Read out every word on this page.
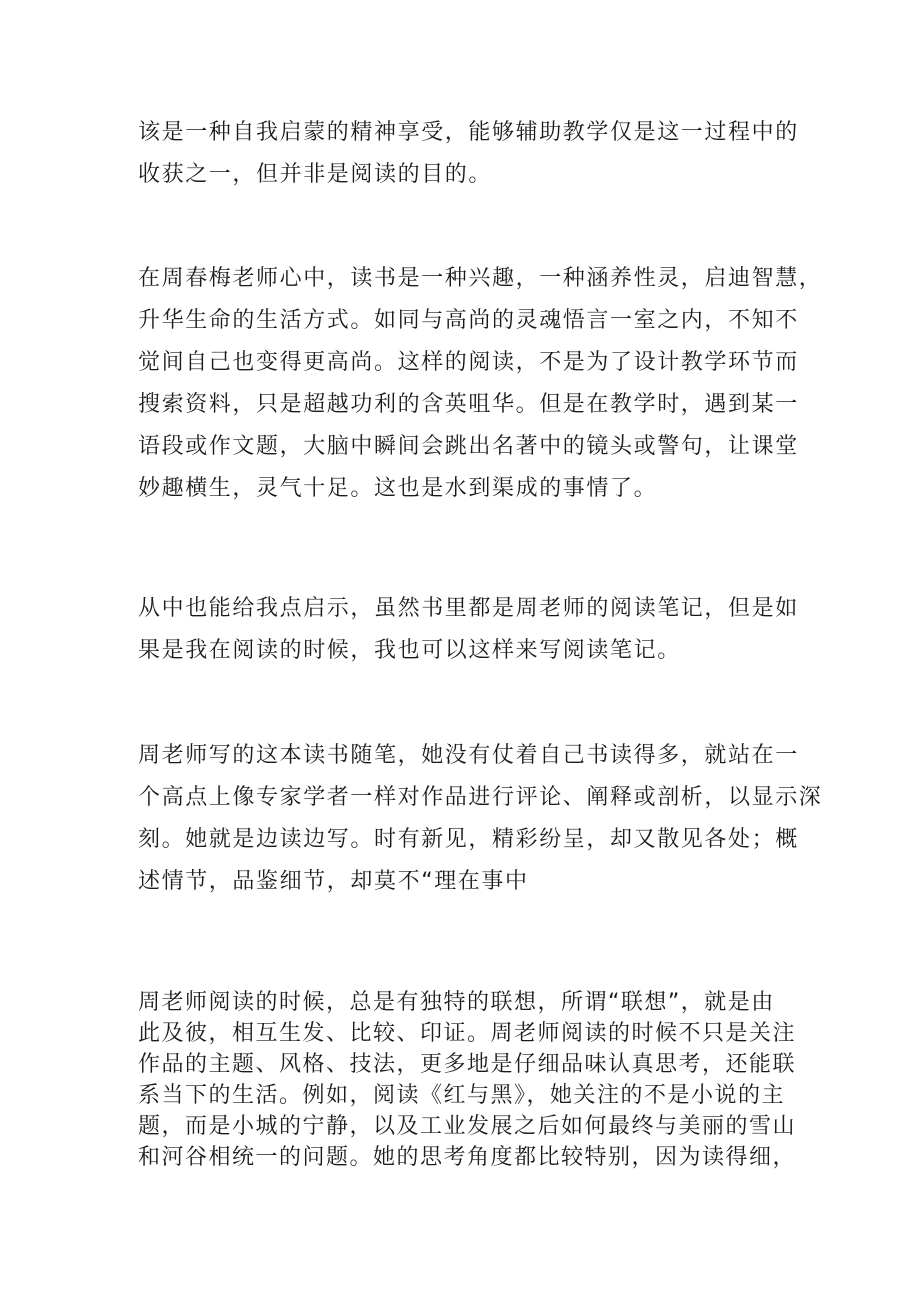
该是一种自我启蒙的精神享受，能够辅助教学仅是这一过程中的
收获之一，但并非是阅读的目的。

在周春梅老师心中，读书是一种兴趣，一种涵养性灵，启迪智慧，
升华生命的生活方式。如同与高尚的灵魂悟言一室之内，不知不
觉间自己也变得更高尚。这样的阅读，不是为了设计教学环节而
搜索资料，只是超越功利的含英咀华。但是在教学时，遇到某一
语段或作文题，大脑中瞬间会跳出名著中的镜头或警句，让课堂
妙趣横生，灵气十足。这也是水到渠成的事情了。

从中也能给我点启示，虽然书里都是周老师的阅读笔记，但是如
果是我在阅读的时候，我也可以这样来写阅读笔记。

周老师写的这本读书随笔，她没有仗着自己书读得多，就站在一
个高点上像专家学者一样对作品进行评论、阐释或剖析，以显示深
刻。她就是边读边写。时有新见，精彩纷呈，却又散见各处；概
述情节，品鉴细节，却莫不“理在事中

周老师阅读的时候，总是有独特的联想，所谓“联想”，就是由
此及彼，相互生发、比较、印证。周老师阅读的时候不只是关注
作品的主题、风格、技法，更多地是仔细品味认真思考，还能联
系当下的生活。例如，阅读《红与黑》，她关注的不是小说的主
题，而是小城的宁静，以及工业发展之后如何最终与美丽的雪山
和河谷相统一的问题。她的思考角度都比较特别，因为读得细，
